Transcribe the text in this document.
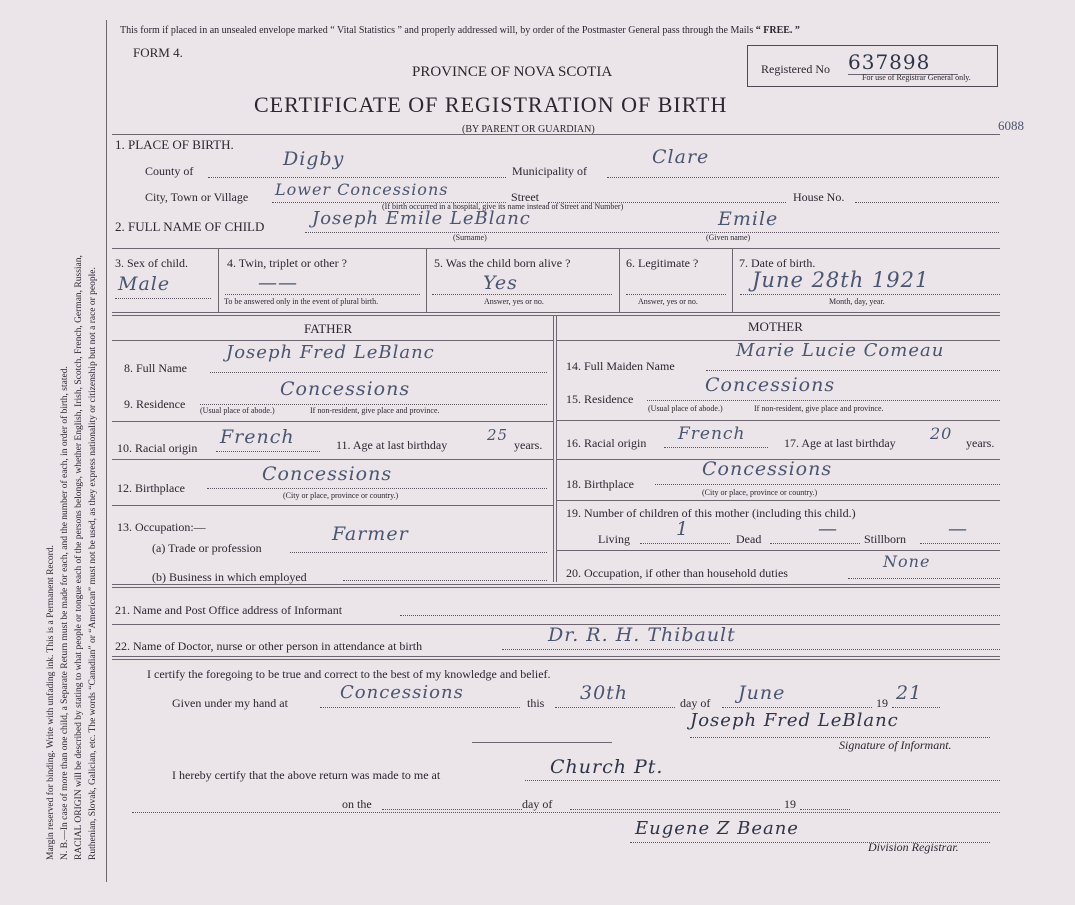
Margin reserved for binding. Write with unfading ink. This is a Permanent Record. N. B.—In case of more than one child, a Separate Return must be made for each, and the number of each, in order of birth, stated. RACIAL ORIGIN will be described by stating to what people or tongue each of the persons belongs, whether English, Irish, Scotch, French, German, Russian, Ruthenian, Slovak, Galician, etc. The words “Canadian” or “American” must not be used, as they express nationality or citizenship but not a race or people.
This form if placed in an unsealed envelope marked “ Vital Statistics ” and properly addressed will, by order of the Postmaster General pass through the Mails “ FREE. ”
FORM 4.
PROVINCE OF NOVA SCOTIA
CERTIFICATE OF REGISTRATION OF BIRTH
(BY PARENT OR GUARDIAN)
Registered No 637898
For use of Registrar General only.
6088
1. PLACE OF BIRTH.
County of
Digby
Municipality of
Clare
City, Town or Village Lower Concessions	Street	House No.
(If birth occurred in a hospital, give its name instead of Street and Number)
2. FULL NAME OF CHILD	Joseph Emile LeBlanc	Emile
(Surname)	(Given name)
3. Sex of child.
Male
4. Twin, triplet or other ?
——
To be answered only in the event of plural birth.
5. Was the child born alive ?
Yes
Answer, yes or no.
6. Legitimate ?
Answer, yes or no.
7. Date of birth.
June 28th 1921
Month, day, year.
FATHER
8. Full Name
Joseph Fred LeBlanc
9. Residence
Concessions
(Usual place of abode.)	If non-resident, give place and province.
10. Racial origin French	11. Age at last birthday
25
years.
12. Birthplace
Concessions
(City or place, province or country.)
13. Occupation:—
(a) Trade or profession
Farmer
(b) Business in which employed
MOTHER
14. Full Maiden Name
Marie Lucie Comeau
15. Residence
Concessions
(Usual place of abode.)	If non-resident, give place and province.
16. Racial origin French	17. Age at last birthday 20 years.
18. Birthplace
Concessions
(City or place, province or country.)
19. Number of children of this mother (including this child.)
Living 1	Dead	— Stillborn —
20. Occupation, if other than household duties
None
21. Name and Post Office address of Informant
22. Name of Doctor, nurse or other person in attendance at birth	Dr. R. H. Thibault
I certify the foregoing to be true and correct to the best of my knowledge and belief.
Given under my hand at	Concessions	this 30th	day of June	19 21
Joseph Fred LeBlanc
Signature of Informant.
I hereby certify that the above return was made to me at	Church Pt.
on the	day of	19
Eugene Z Beane
Division Registrar.
